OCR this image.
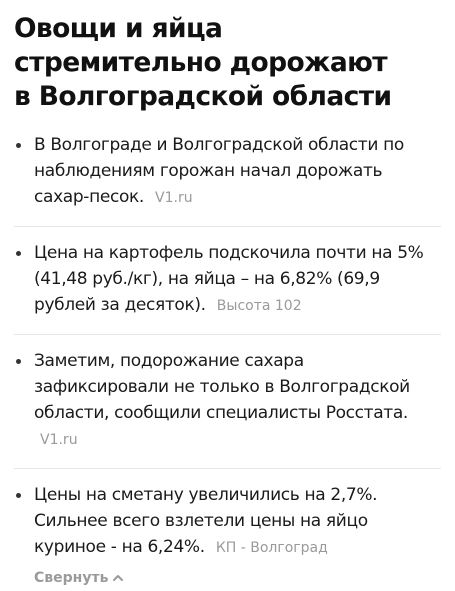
Овощи и яйца
стремительно дорожают
в Волгоградской области
В Волгограде и Волгоградской области по наблюдениям горожан начал дорожать сахар-песок. V1.ru
Цена на картофель подскочила почти на 5% (41,48 руб./кг), на яйца – на 6,82% (69,9 рублей за десяток). Высота 102
Заметим, подорожание сахара зафиксировали не только в Волгоградской области, сообщили специалисты Росстата. V1.ru
Цены на сметану увеличились на 2,7%. Сильнее всего взлетели цены на яйцо куриное - на 6,24%. КП - Волгоград
Свернуть
